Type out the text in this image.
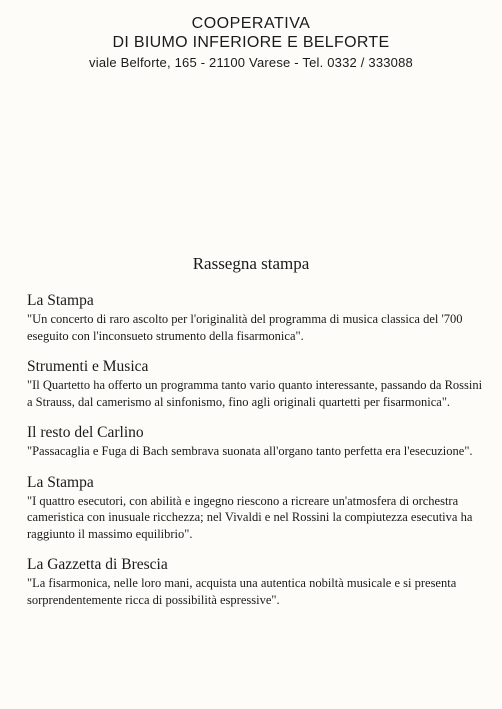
COOPERATIVA
DI BIUMO INFERIORE E BELFORTE
viale Belforte, 165 - 21100 Varese - Tel. 0332 / 333088
Rassegna stampa
La Stampa
"Un concerto di raro ascolto per l'originalità del programma di musica classica del '700 eseguito con l'inconsueto strumento della fisarmonica".
Strumenti e Musica
"Il Quartetto ha offerto un programma tanto vario quanto interessante, passando da Rossini a Strauss, dal camerismo al sinfonismo, fino agli originali quartetti per fisarmonica".
Il resto del Carlino
"Passacaglia e Fuga di Bach sembrava suonata all'organo tanto perfetta era l'esecuzione".
La Stampa
"I quattro esecutori, con abilità e ingegno riescono a ricreare un'atmosfera di orchestra cameristica con inusuale ricchezza; nel Vivaldi e nel Rossini la compiutezza esecutiva ha raggiunto il massimo equilibrio".
La Gazzetta di Brescia
"La fisarmonica, nelle loro mani, acquista una autentica nobiltà musicale e si presenta sorprendentemente ricca di possibilità espressive".
